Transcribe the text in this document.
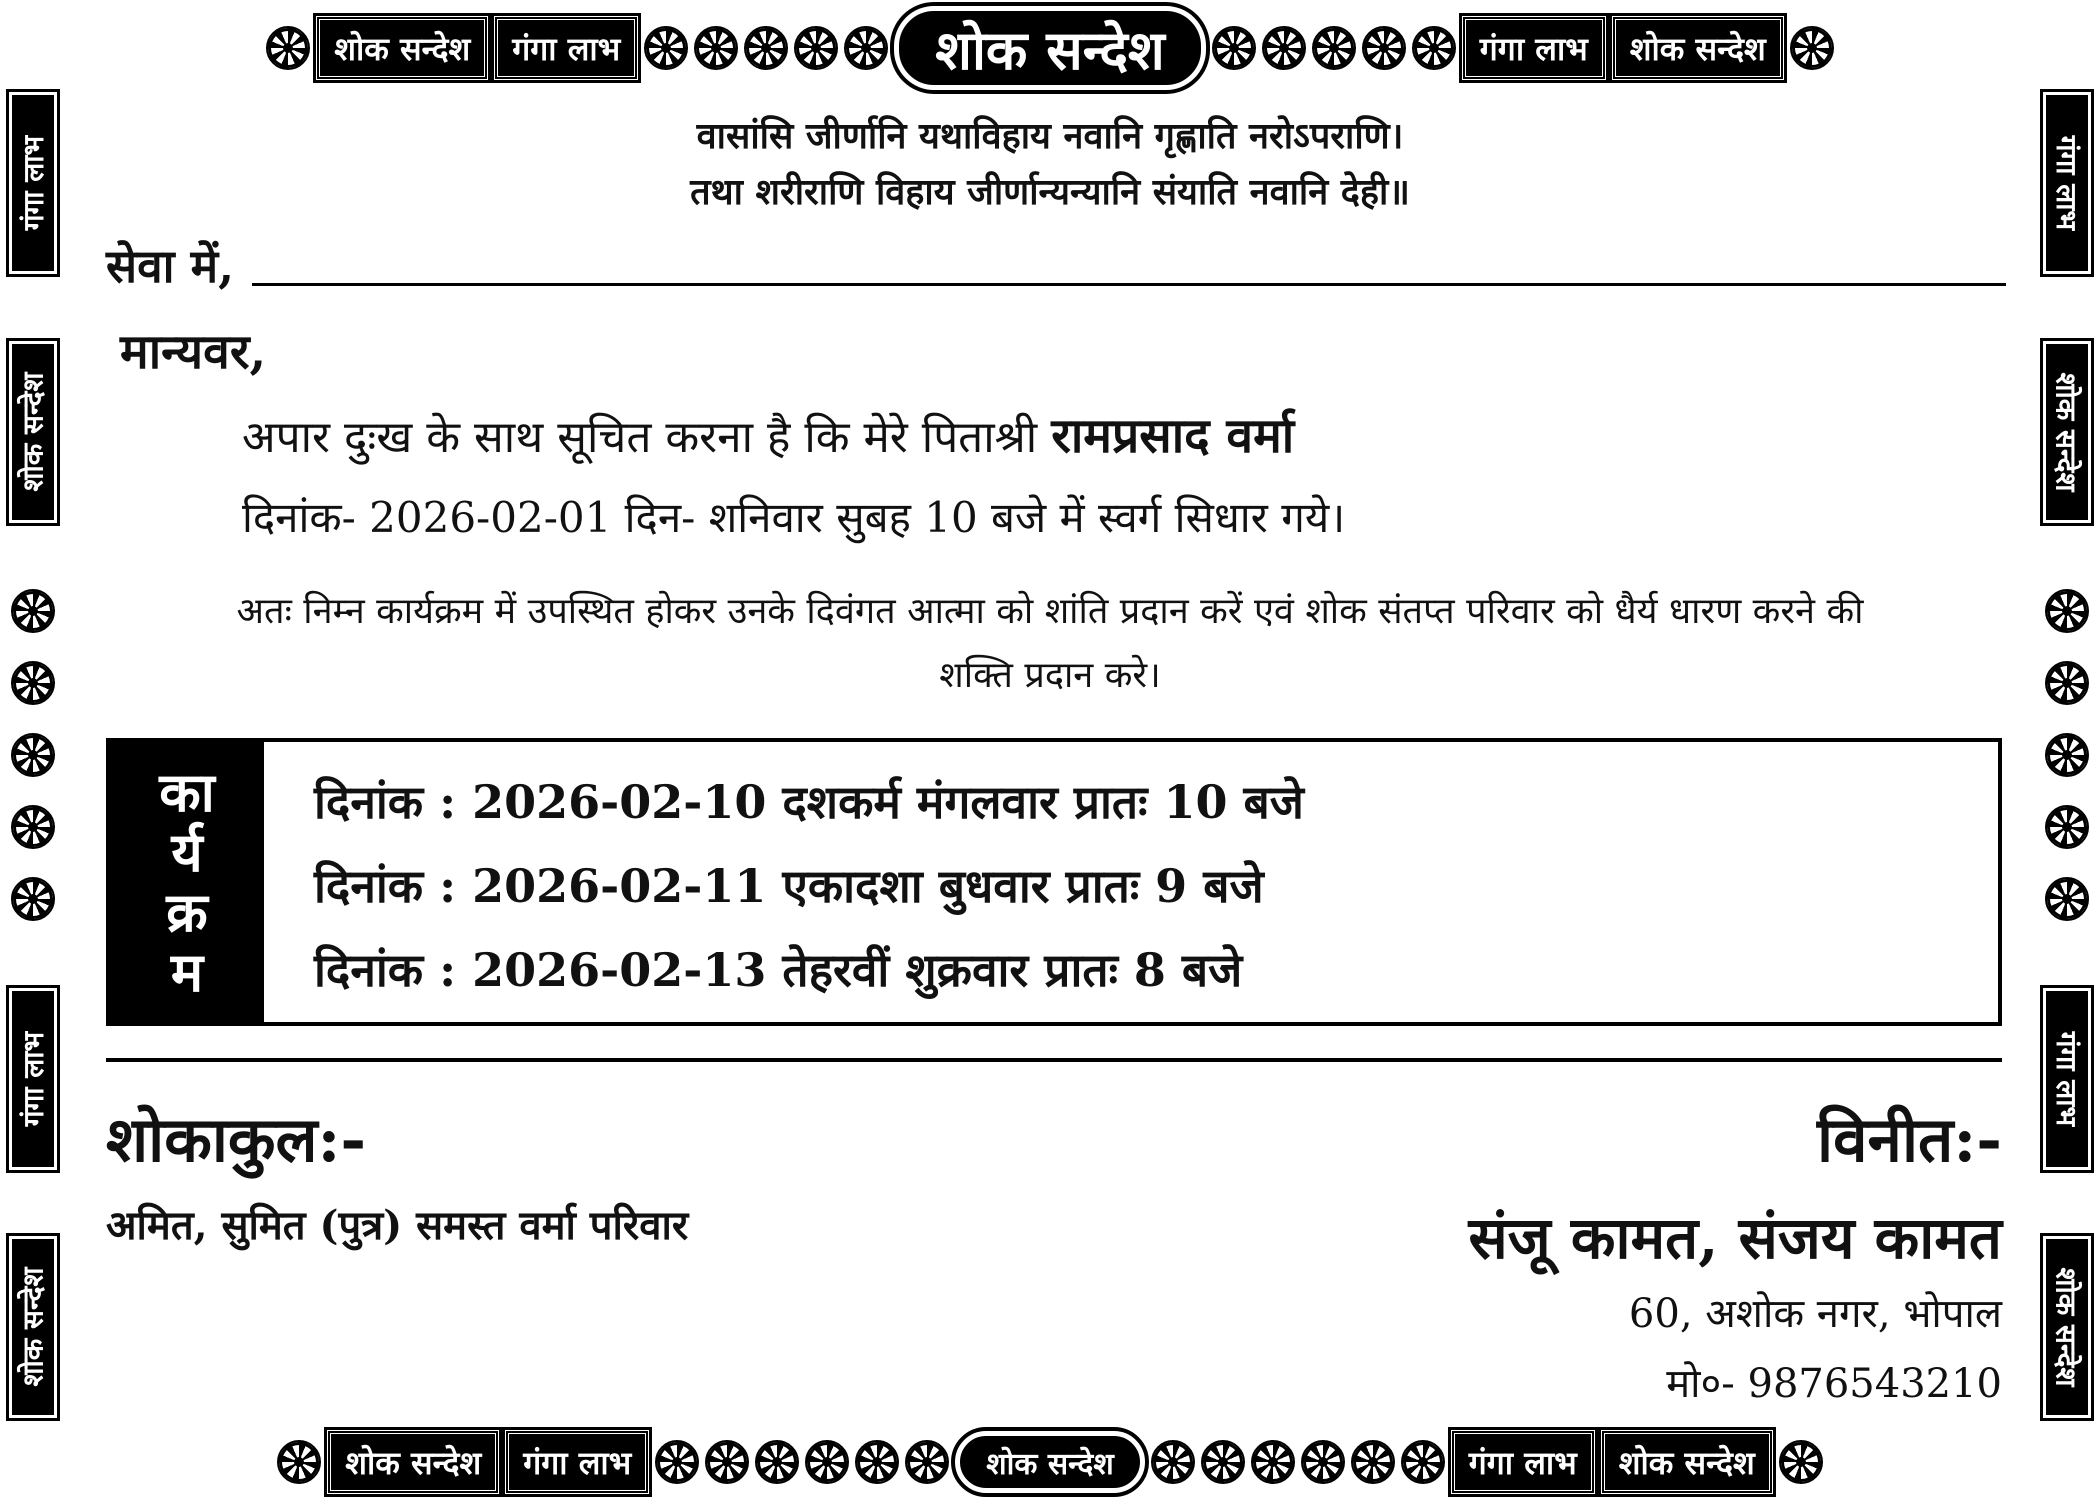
शोक सन्देश	गंगा लाभ	शोक सन्देश	गंगा लाभ	शोक सन्देश
गंगा लाभ
शोक सन्देश
गंगा लाभ
शोक सन्देश
गंगा लाभ
शोक सन्देश
गंगा लाभ
शोक सन्देश
शोक सन्देश	गंगा लाभ	शोक सन्देश	गंगा लाभ	शोक सन्देश
वासांसि जीर्णानि यथाविहाय नवानि गृह्णाति नरोऽपराणि।
तथा शरीराणि विहाय जीर्णान्यन्यानि संयाति नवानि देही॥
सेवा में,
मान्यवर,
अपार दुःख के साथ सूचित करना है कि मेरे पिताश्री रामप्रसाद वर्मा
दिनांक- 2026-02-01 दिन- शनिवार सुबह 10 बजे में स्वर्ग सिधार गये।
अतः निम्न कार्यक्रम में उपस्थित होकर उनके दिवंगत आत्मा को शांति प्रदान करें एवं शोक संतप्त परिवार को धैर्य धारण करने की शक्ति प्रदान करे।
का
र्य
क्र
म
दिनांक : 2026-02-10 दशकर्म मंगलवार प्रातः 10 बजे
दिनांक : 2026-02-11 एकादशा बुधवार प्रातः 9 बजे
दिनांक : 2026-02-13 तेहरवीं शुक्रवार प्रातः 8 बजे
शोकाकुल:-
अमित, सुमित (पुत्र) समस्त वर्मा परिवार
विनीत:-
संजू कामत, संजय कामत
60, अशोक नगर, भोपाल
मो०- 9876543210
